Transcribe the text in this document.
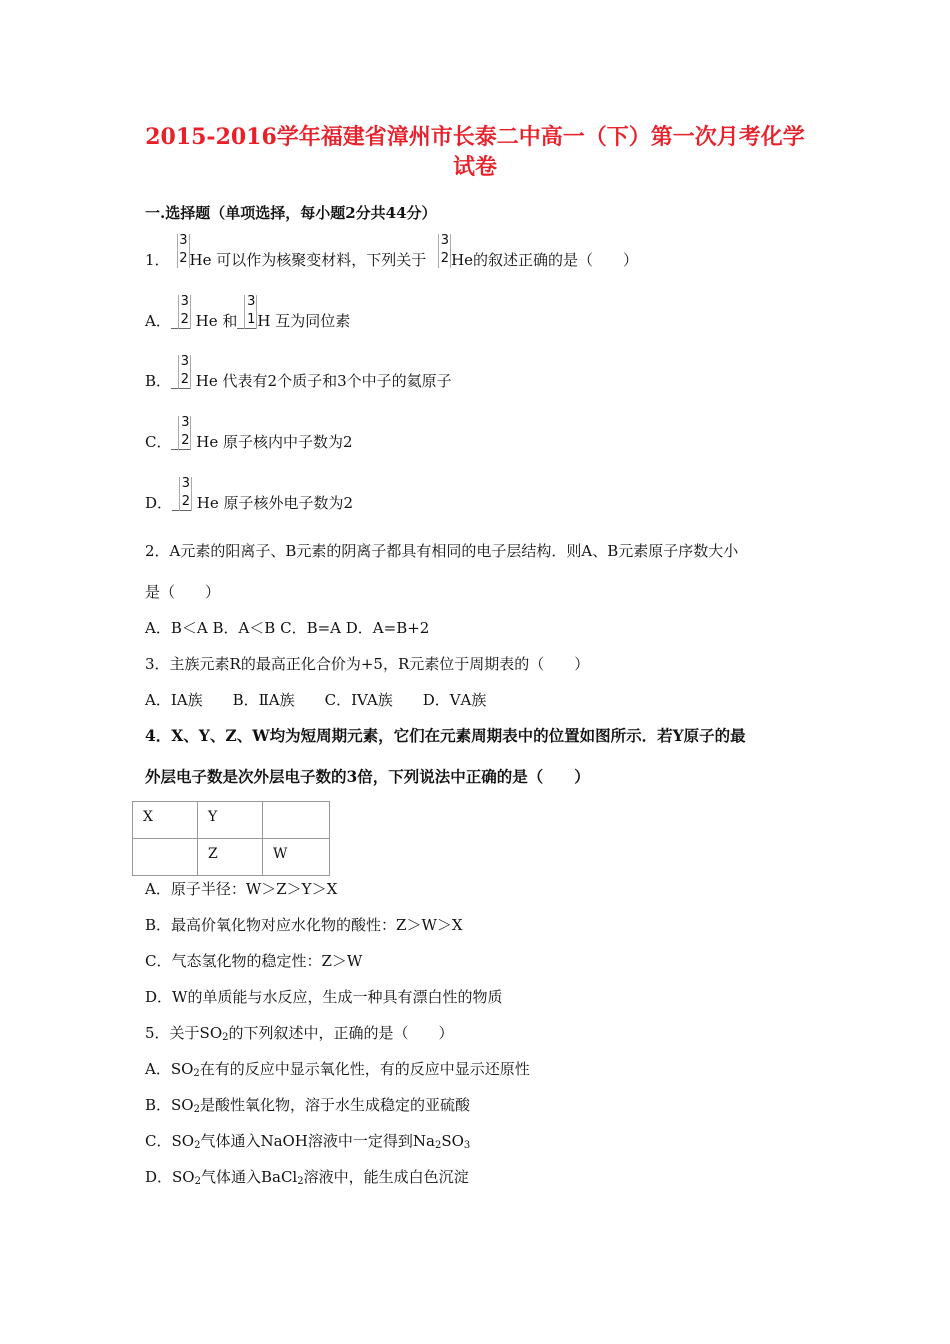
2015-2016学年福建省漳州市长泰二中高一（下）第一次月考化学
试卷
一.选择题（单项选择，每小题2分共44分）
1．
3
2 He 可以作为核聚变材料，下列关于
3
2 He的叙述正确的是（　　）
A．
3
2 He 和
3
1 H 互为同位素
B．
3
2 He 代表有2个质子和3个中子的氦原子
C．
3
2 He 原子核内中子数为2
D．
3
2 He 原子核外电子数为2
2．A元素的阳离子、B元素的阴离子都具有相同的电子层结构．则A、B元素原子序数大小
是（　　）
A．B＜A B．A＜B C．B=A D．A=B+2
3．主族元素R的最高正化合价为+5，R元素位于周期表的（　　）
A．ⅠA族　　B．ⅡA族　　C．IVA族　　D．ⅤA族
4．X、Y、Z、W均为短周期元素，它们在元素周期表中的位置如图所示．若Y原子的最
外层电子数是次外层电子数的3倍，下列说法中正确的是（　　）
X	Y	
	Z	W
A．原子半径：W＞Z＞Y＞X
B．最高价氧化物对应水化物的酸性：Z＞W＞X
C．气态氢化物的稳定性：Z＞W
D．W的单质能与水反应，生成一种具有漂白性的物质
5．关于$SO_2$的下列叙述中，正确的是（　　）
A．$SO_2$在有的反应中显示氧化性，有的反应中显示还原性
B．$SO_2$是酸性氧化物，溶于水生成稳定的亚硫酸
C．$SO_2$气体通入NaOH溶液中一定得到$Na_2SO_3$
D．$SO_2$气体通入BaCl$_2$溶液中，能生成白色沉淀
